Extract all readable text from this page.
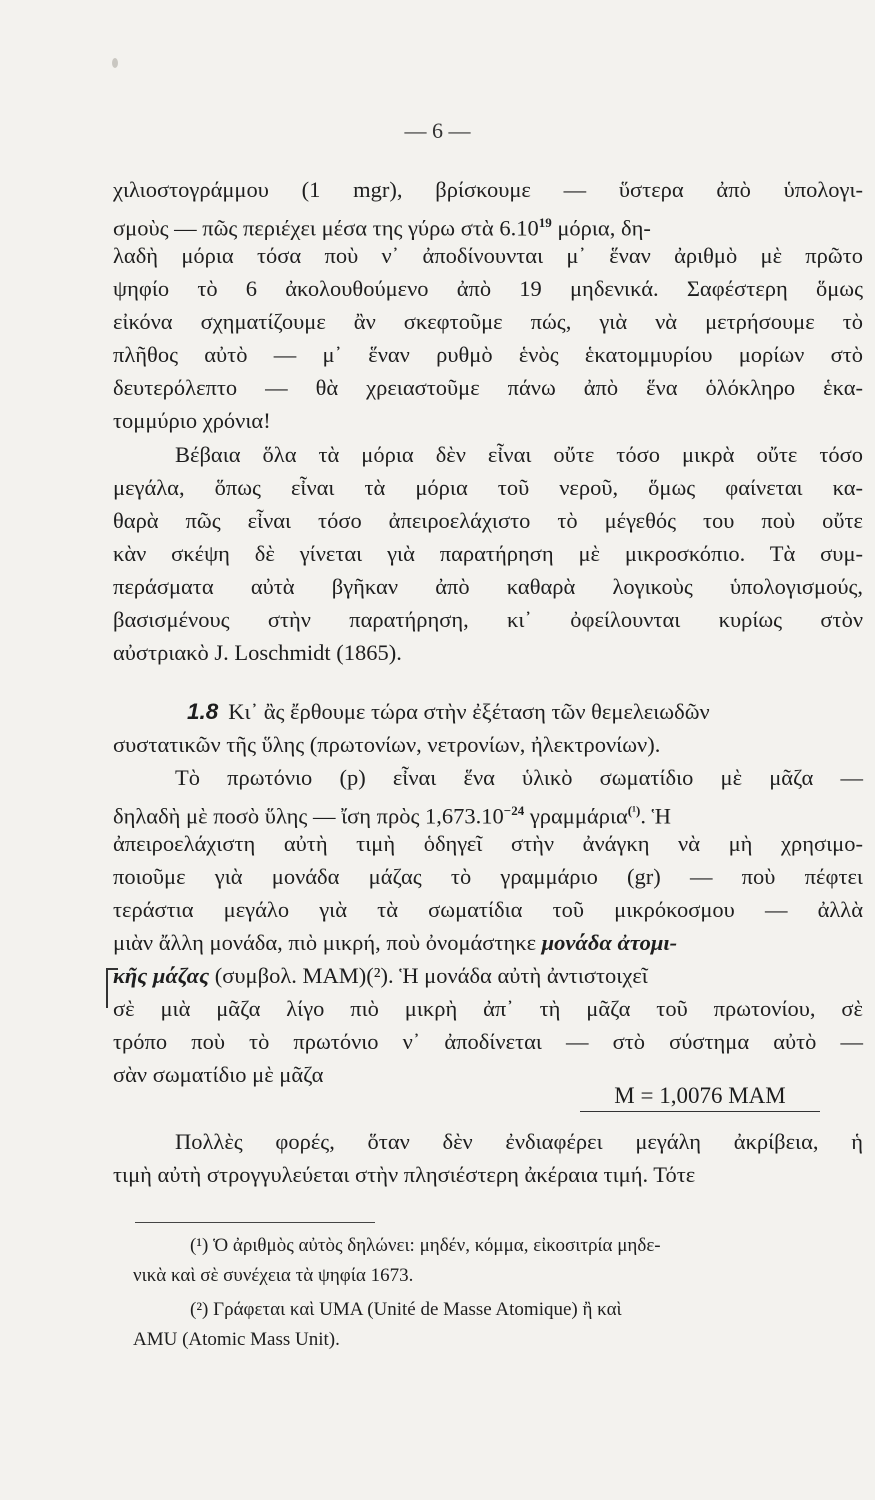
— 6 —
χιλιοστογράμμου (1 mgr), βρίσκουμε — ὕστερα ἀπὸ ὑπολογι-
σμοὺς — πῶς περιέχει μέσα της γύρω στὰ 6.10$^{19}$ μόρια, δη-
λαδὴ μόρια τόσα ποὺ ν᾽ ἀποδίνουνται μ᾽ ἕναν ἀριθμὸ μὲ πρῶτο
ψηφίο τὸ 6 ἀκολουθούμενο ἀπὸ 19 μηδενικά. Σαφέστερη ὅμως
εἰκόνα σχηματίζουμε ἂν σκεφτοῦμε πώς, γιὰ νὰ μετρήσουμε τὸ
πλῆθος αὐτὸ — μ᾽ ἕναν ρυθμὸ ἑνὸς ἑκατομμυρίου μορίων στὸ
δευτερόλεπτο — θὰ χρειαστοῦμε πάνω ἀπὸ ἕνα ὁλόκληρο ἑκα-
τομμύριο χρόνια!
Βέβαια ὅλα τὰ μόρια δὲν εἶναι οὔτε τόσο μικρὰ οὔτε τόσο
μεγάλα, ὅπως εἶναι τὰ μόρια τοῦ νεροῦ, ὅμως φαίνεται κα-
θαρὰ πῶς εἶναι τόσο ἀπειροελάχιστο τὸ μέγεθός του ποὺ οὔτε
κὰν σκέψη δὲ γίνεται γιὰ παρατήρηση μὲ μικροσκόπιο. Τὰ συμ-
περάσματα αὐτὰ βγῆκαν ἀπὸ καθαρὰ λογικοὺς ὑπολογισμούς,
βασισμένους στὴν παρατήρηση, κι᾽ ὀφείλουνται κυρίως στὸν
αὐστριακὸ J. Loschmidt (1865).
1.8 Κι᾽ ἂς ἔρθουμε τώρα στὴν ἐξέταση τῶν θεμελειωδῶν
συστατικῶν τῆς ὕλης (πρωτονίων, νετρονίων, ἠλεκτρονίων).
Τὸ πρωτόνιο (p) εἶναι ἕνα ὑλικὸ σωματίδιο μὲ μᾶζα —
δηλαδὴ μὲ ποσὸ ὕλης — ἴση πρὸς $1,673.10^{-24}$ γραμμάρια$^{(^1)}$. Ἡ
ἀπειροελάχιστη αὐτὴ τιμὴ ὁδηγεῖ στὴν ἀνάγκη νὰ μὴ χρησιμο-
ποιοῦμε γιὰ μονάδα μάζας τὸ γραμμάριο (gr) — ποὺ πέφτει
τεράστια μεγάλο γιὰ τὰ σωματίδια τοῦ μικρόκοσμου — ἀλλὰ
μιὰν ἄλλη μονάδα, πιὸ μικρή, ποὺ ὀνομάστηκε μονάδα ἀτομι-
κῆς μάζας (συμβολ. ΜΑΜ)(²). Ἡ μονάδα αὐτὴ ἀντιστοιχεῖ
σὲ μιὰ μᾶζα λίγο πιὸ μικρὴ ἀπ᾽ τὴ μᾶζα τοῦ πρωτονίου, σὲ
τρόπο ποὺ τὸ πρωτόνιο ν᾽ ἀποδίνεται — στὸ σύστημα αὐτὸ —
σὰν σωματίδιο μὲ μᾶζα
M = 1,0076 ΜΑΜ
Πολλὲς φορές, ὅταν δὲν ἐνδιαφέρει μεγάλη ἀκρίβεια, ἡ
τιμὴ αὐτὴ στρογγυλεύεται στὴν πλησιέστερη ἀκέραια τιμή. Τότε
(¹) Ὁ ἀριθμὸς αὐτὸς δηλώνει: μηδέν, κόμμα, εἰκοσιτρία μηδε-
νικὰ καὶ σὲ συνέχεια τὰ ψηφία 1673.
(²) Γράφεται καὶ UMA (Unité de Masse Atomique) ἢ καὶ
AMU (Atomic Mass Unit).
